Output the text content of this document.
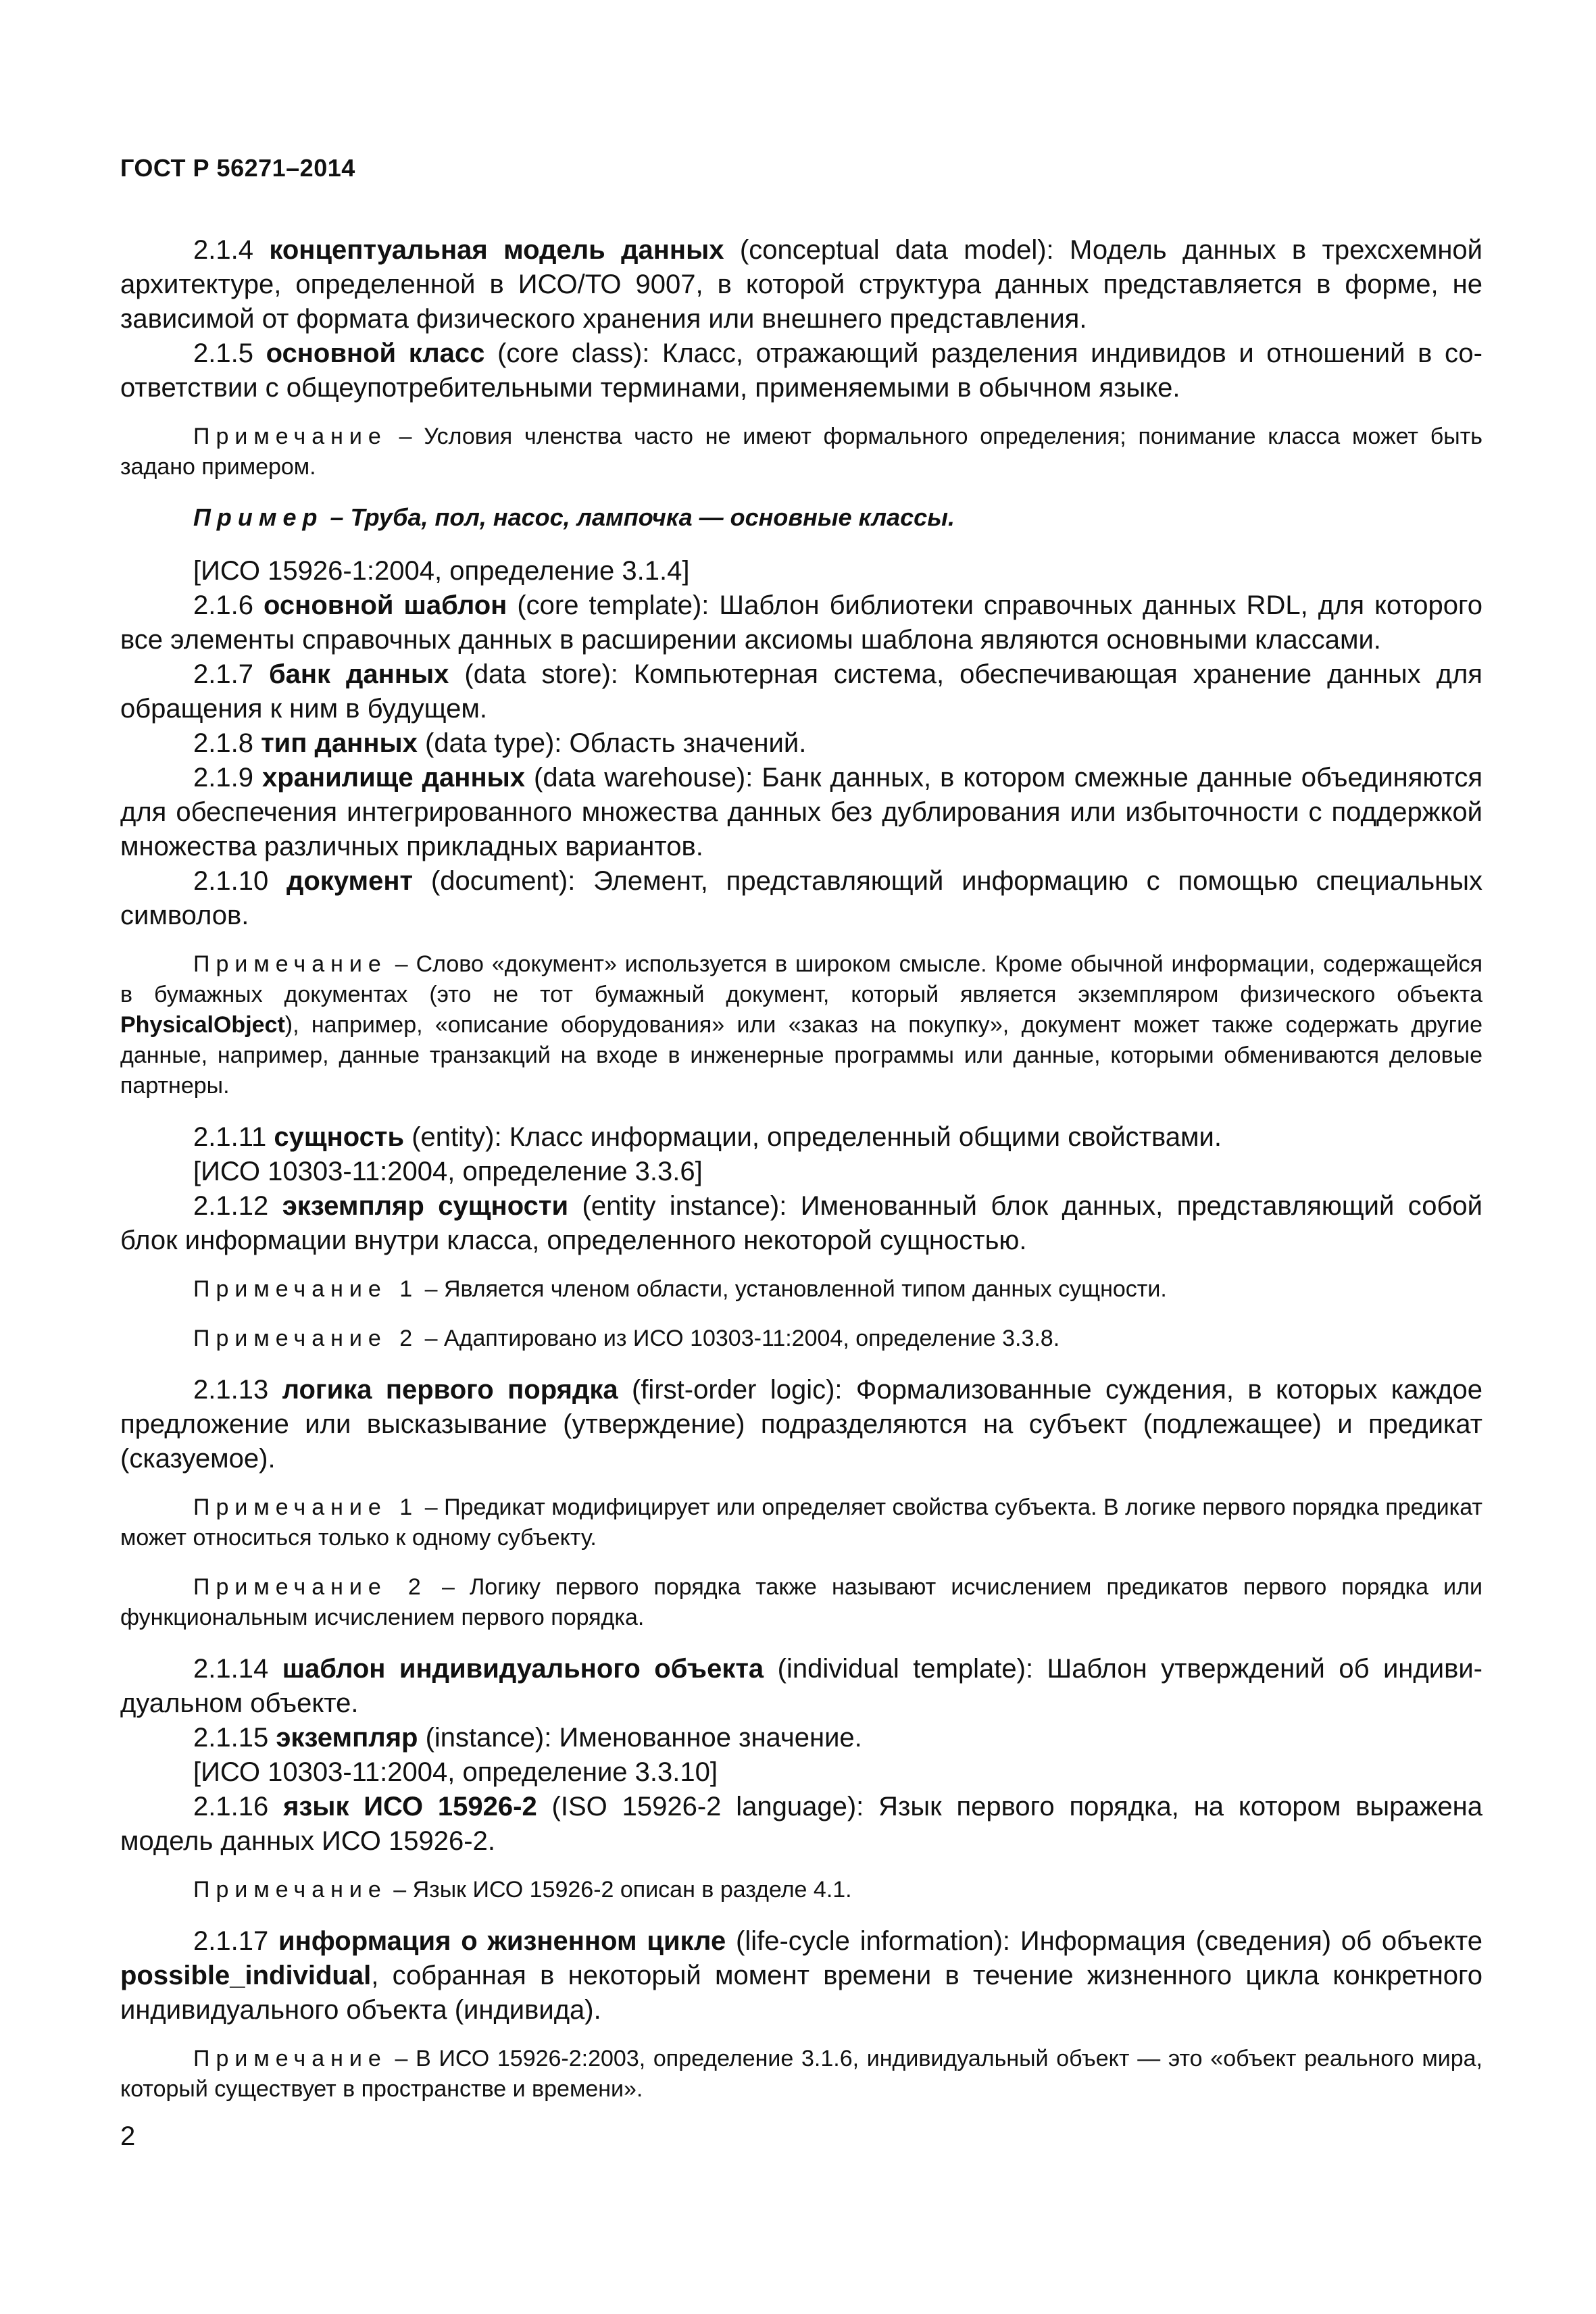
ГОСТ Р 56271–2014

2.1.4 концептуальная модель данных (conceptual data model): Модель данных в трехсхемной архитектуре, определенной в ИСО/ТО 9007, в которой структура данных представляется в форме, не зависимой от формата физического хранения или внешнего представления.

2.1.5 основной класс (core class): Класс, отражающий разделения индивидов и отношений в соответствии с общеупотребительными терминами, применяемыми в обычном языке.

Примечание – Условия членства часто не имеют формального определения; понимание класса может быть задано примером.

Пример – Труба, пол, насос, лампочка — основные классы.

[ИСО 15926-1:2004, определение 3.1.4]

2.1.6 основной шаблон (core template): Шаблон библиотеки справочных данных RDL, для которого все элементы справочных данных в расширении аксиомы шаблона являются основными классами.

2.1.7 банк данных (data store): Компьютерная система, обеспечивающая хранение данных для обращения к ним в будущем.

2.1.8 тип данных (data type): Область значений.

2.1.9 хранилище данных (data warehouse): Банк данных, в котором смежные данные объединяются для обеспечения интегрированного множества данных без дублирования или избыточности с поддержкой множества различных прикладных вариантов.

2.1.10 документ (document): Элемент, представляющий информацию с помощью специальных символов.

Примечание – Слово «документ» используется в широком смысле. Кроме обычной информации, содержащейся в бумажных документах (это не тот бумажный документ, который является экземпляром физического объекта PhysicalObject), например, «описание оборудования» или «заказ на покупку», документ может также содержать другие данные, например, данные транзакций на входе в инженерные программы или данные, которыми обмениваются деловые партнеры.

2.1.11 сущность (entity): Класс информации, определенный общими свойствами.

[ИСО 10303-11:2004, определение 3.3.6]

2.1.12 экземпляр сущности (entity instance): Именованный блок данных, представляющий собой блок информации внутри класса, определенного некоторой сущностью.

Примечание 1 – Является членом области, установленной типом данных сущности.

Примечание 2 – Адаптировано из ИСО 10303-11:2004, определение 3.3.8.

2.1.13 логика первого порядка (first-order logic): Формализованные суждения, в которых каждое предложение или высказывание (утверждение) подразделяются на субъект (подлежащее) и предикат (сказуемое).

Примечание 1 – Предикат модифицирует или определяет свойства субъекта. В логике первого порядка предикат может относиться только к одному субъекту.

Примечание 2 – Логику первого порядка также называют исчислением предикатов первого порядка или функциональным исчислением первого порядка.

2.1.14 шаблон индивидуального объекта (individual template): Шаблон утверждений об индивидуальном объекте.

2.1.15 экземпляр (instance): Именованное значение.

[ИСО 10303-11:2004, определение 3.3.10]

2.1.16 язык ИСО 15926-2 (ISO 15926-2 language): Язык первого порядка, на котором выражена модель данных ИСО 15926-2.

Примечание – Язык ИСО 15926-2 описан в разделе 4.1.

2.1.17 информация о жизненном цикле (life-cycle information): Информация (сведения) об объекте possible_individual, собранная в некоторый момент времени в течение жизненного цикла конкретного индивидуального объекта (индивида).

Примечание – В ИСО 15926-2:2003, определение 3.1.6, индивидуальный объект — это «объект реального мира, который существует в пространстве и времени».

2
